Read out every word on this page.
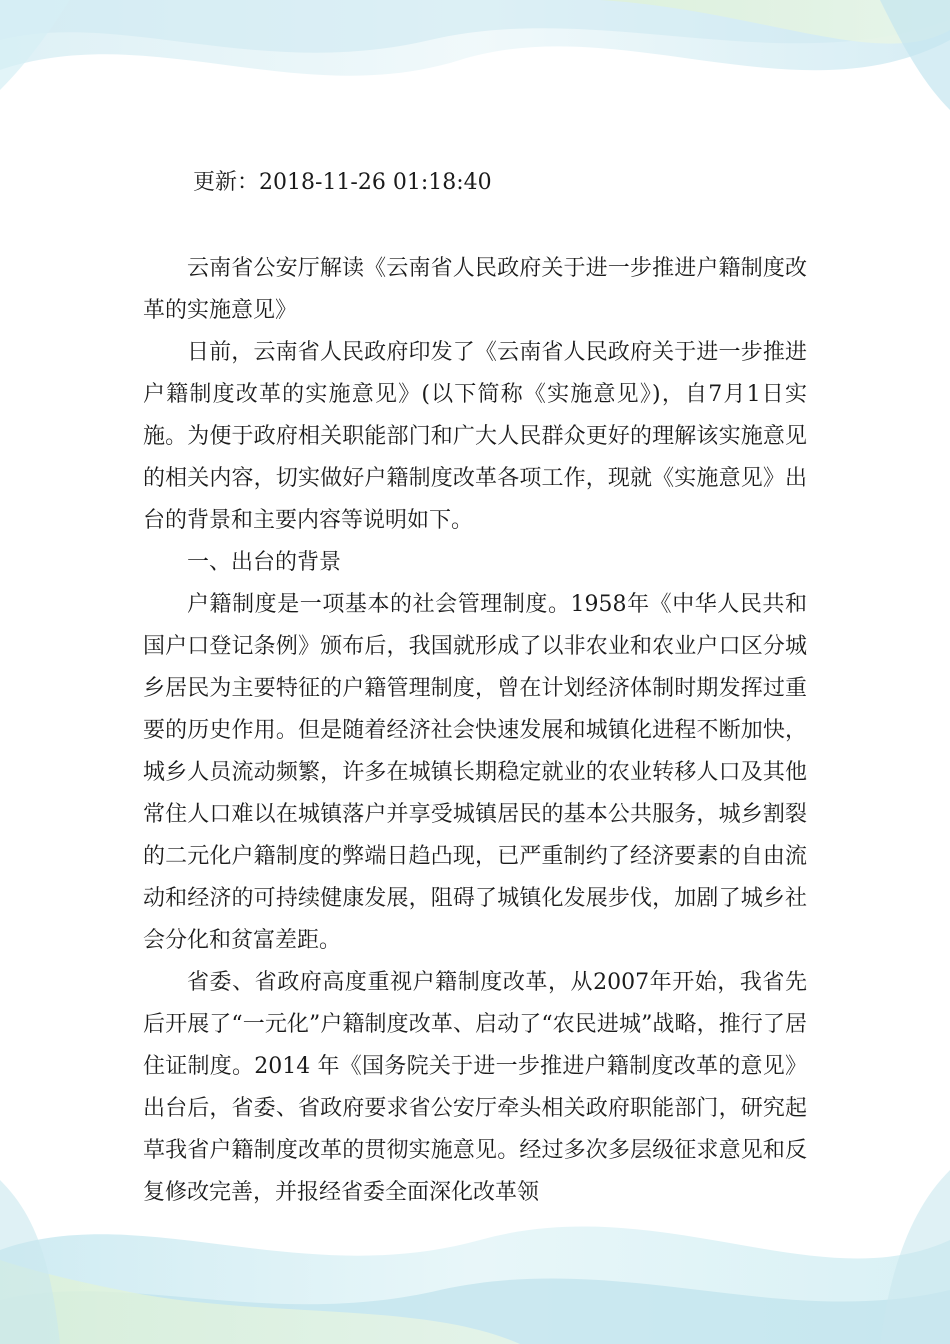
更新：2018-11-26 01:18:40

云南省公安厅解读《云南省人民政府关于进一步推进户籍制度改革的实施意见》

日前，云南省人民政府印发了《云南省人民政府关于进一步推进户籍制度改革的实施意见》(以下简称《实施意见》)，自7月1日实施。为便于政府相关职能部门和广大人民群众更好的理解该实施意见的相关内容，切实做好户籍制度改革各项工作，现就《实施意见》出台的背景和主要内容等说明如下。

一、出台的背景

户籍制度是一项基本的社会管理制度。1958年《中华人民共和国户口登记条例》颁布后，我国就形成了以非农业和农业户口区分城乡居民为主要特征的户籍管理制度，曾在计划经济体制时期发挥过重要的历史作用。但是随着经济社会快速发展和城镇化进程不断加快，城乡人员流动频繁，许多在城镇长期稳定就业的农业转移人口及其他常住人口难以在城镇落户并享受城镇居民的基本公共服务，城乡割裂的二元化户籍制度的弊端日趋凸现，已严重制约了经济要素的自由流动和经济的可持续健康发展，阻碍了城镇化发展步伐，加剧了城乡社会分化和贫富差距。

省委、省政府高度重视户籍制度改革，从2007年开始，我省先后开展了“一元化”户籍制度改革、启动了“农民进城”战略，推行了居住证制度。2014 年《国务院关于进一步推进户籍制度改革的意见》出台后，省委、省政府要求省公安厅牵头相关政府职能部门，研究起草我省户籍制度改革的贯彻实施意见。经过多次多层级征求意见和反复修改完善，并报经省委全面深化改革领
